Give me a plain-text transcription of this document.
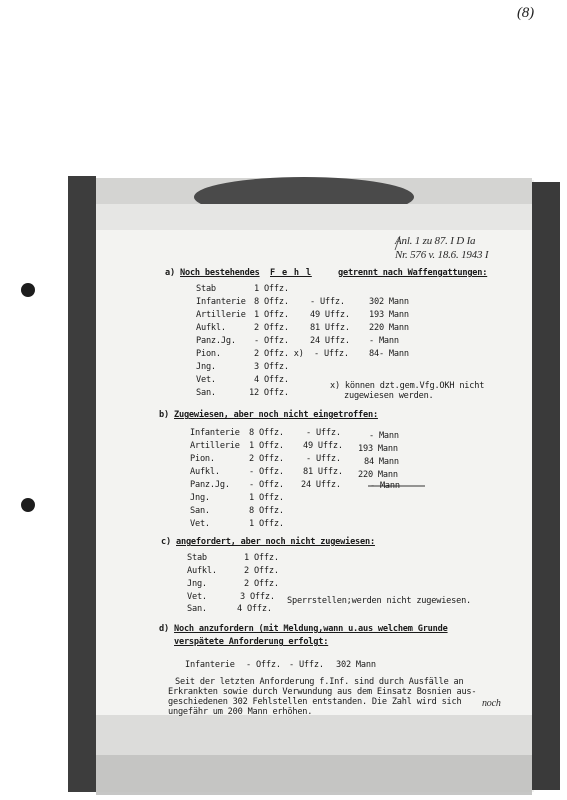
(8)
Anl. 1 zu 87. I D Ia
Nr. 576 v. 18.6. 1943 I
a) Noch bestehendes F e h l	getrennt nach Waffengattungen:
Stab	1 Offz.
Infanterie 8 Offz. - Uffz.	302 Mann
Artillerie 1 Offz. 49 Uffz. 193 Mann
Aufkl.	2 Offz. 81 Uffz. 220 Mann
Panz.Jg. - Offz. 24 Uffz. - Mann
Pion.	2 Offz. x) - Uffz. 84- Mann
Jng.	3 Offz.
Vet.	4 Offz.
San.	12 Offz.
x) können dzt.gem.Vfg.OKH nicht
zugewiesen werden.
b) Zugewiesen, aber noch nicht eingetroffen:
Infanterie 8 Offz.	- Uffz.	- Mann
Artillerie 1 Offz. 49 Uffz. 193 Mann
Pion.	2 Offz.	- Uffz.	84 Mann
Aufkl.	- Offz. 81 Uffz. 220 Mann
Panz.Jg. - Offz. 24 Uffz.	- Mann
Jng.	1 Offz.
San.	8 Offz.
Vet.	1 Offz.
c) angefordert, aber noch nicht zugewiesen:
Stab	1 Offz.
Aufkl.	2 Offz.
Jng.	2 Offz.
Vet.	3 Offz. Sperrstellen;werden nicht zugewiesen.
San.	4 Offz.
d) Noch anzufordern (mit Meldung,wann u.aus welchem Grunde
verspätete Anforderung erfolgt:
Infanterie - Offz. - Uffz. 302 Mann
Seit der letzten Anforderung f.Inf. sind durch Ausfälle an
Erkrankten sowie durch Verwundung aus dem Einsatz Bosnien aus-
geschiedenen 302 Fehlstellen entstanden. Die Zahl wird sich noch
ungefähr um 200 Mann erhöhen.
